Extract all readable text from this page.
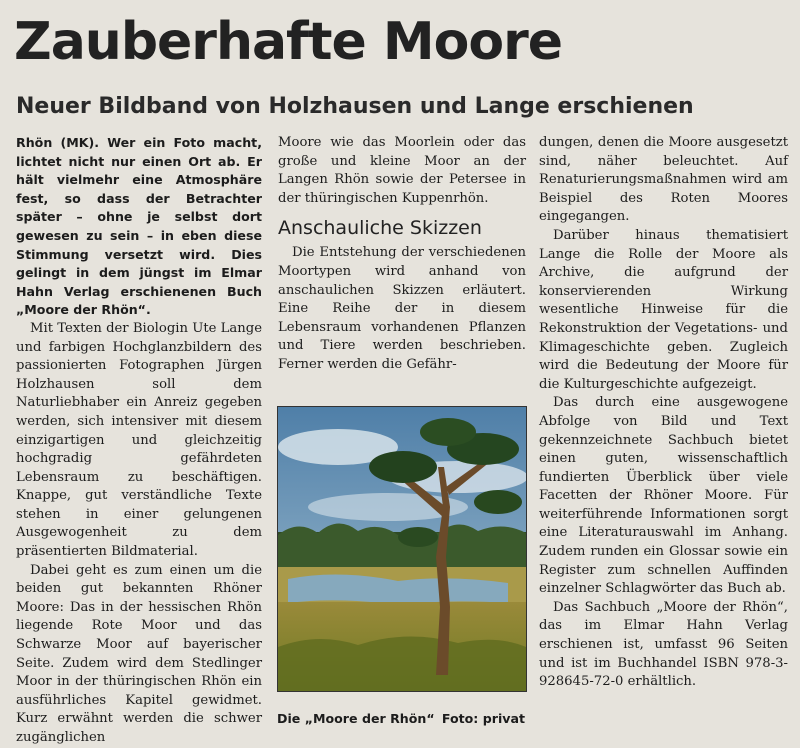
Zauberhafte Moore
Neuer Bildband von Holzhausen und Lange erschienen

Rhön (MK). Wer ein Foto macht, lichtet nicht nur einen Ort ab. Er hält vielmehr eine Atmosphäre fest, so dass der Betrachter später – ohne je selbst dort gewesen zu sein – in eben diese Stimmung versetzt wird. Dies gelingt in dem jüngst im Elmar Hahn Verlag erschienenen Buch „Moore der Rhön“.

Mit Texten der Biologin Ute Lange und farbigen Hochglanzbildern des passionierten Fotographen Jürgen Holzhausen soll dem Naturliebhaber ein Anreiz gegeben werden, sich intensiver mit diesem einzigartigen und gleichzeitig hochgradig gefährdeten Lebensraum zu beschäftigen. Knappe, gut verständliche Texte stehen in einer gelungenen Ausgewogenheit zu dem präsentierten Bildmaterial.

Dabei geht es zum einen um die beiden gut bekannten Rhöner Moore: Das in der hessischen Rhön liegende Rote Moor und das Schwarze Moor auf bayerischer Seite. Zudem wird dem Stedlinger Moor in der thüringischen Rhön ein ausführliches Kapitel gewidmet. Kurz erwähnt werden die schwer zugänglichen

Moore wie das Moorlein oder das große und kleine Moor an der Langen Rhön sowie der Petersee in der thüringischen Kuppenrhön.

Anschauliche Skizzen

Die Entstehung der verschiedenen Moortypen wird anhand von anschaulichen Skizzen erläutert. Eine Reihe der in diesem Lebensraum vorhandenen Pflanzen und Tiere werden beschrieben. Ferner werden die Gefähr-

Die „Moore der Rhön“ Foto: privat

dungen, denen die Moore ausgesetzt sind, näher beleuchtet. Auf Renaturierungsmaßnahmen wird am Beispiel des Roten Moores eingegangen.

Darüber hinaus thematisiert Lange die Rolle der Moore als Archive, die aufgrund der konservierenden Wirkung wesentliche Hinweise für die Rekonstruktion der Vegetations- und Klimageschichte geben. Zugleich wird die Bedeutung der Moore für die Kulturgeschichte aufgezeigt.

Das durch eine ausgewogene Abfolge von Bild und Text gekennzeichnete Sachbuch bietet einen guten, wissenschaftlich fundierten Überblick über viele Facetten der Rhöner Moore. Für weiterführende Informationen sorgt eine Literaturauswahl im Anhang. Zudem runden ein Glossar sowie ein Register zum schnellen Auffinden einzelner Schlagwörter das Buch ab.

Das Sachbuch „Moore der Rhön“, das im Elmar Hahn Verlag erschienen ist, umfasst 96 Seiten und ist im Buchhandel ISBN 978-3-928645-72-0 erhältlich.
